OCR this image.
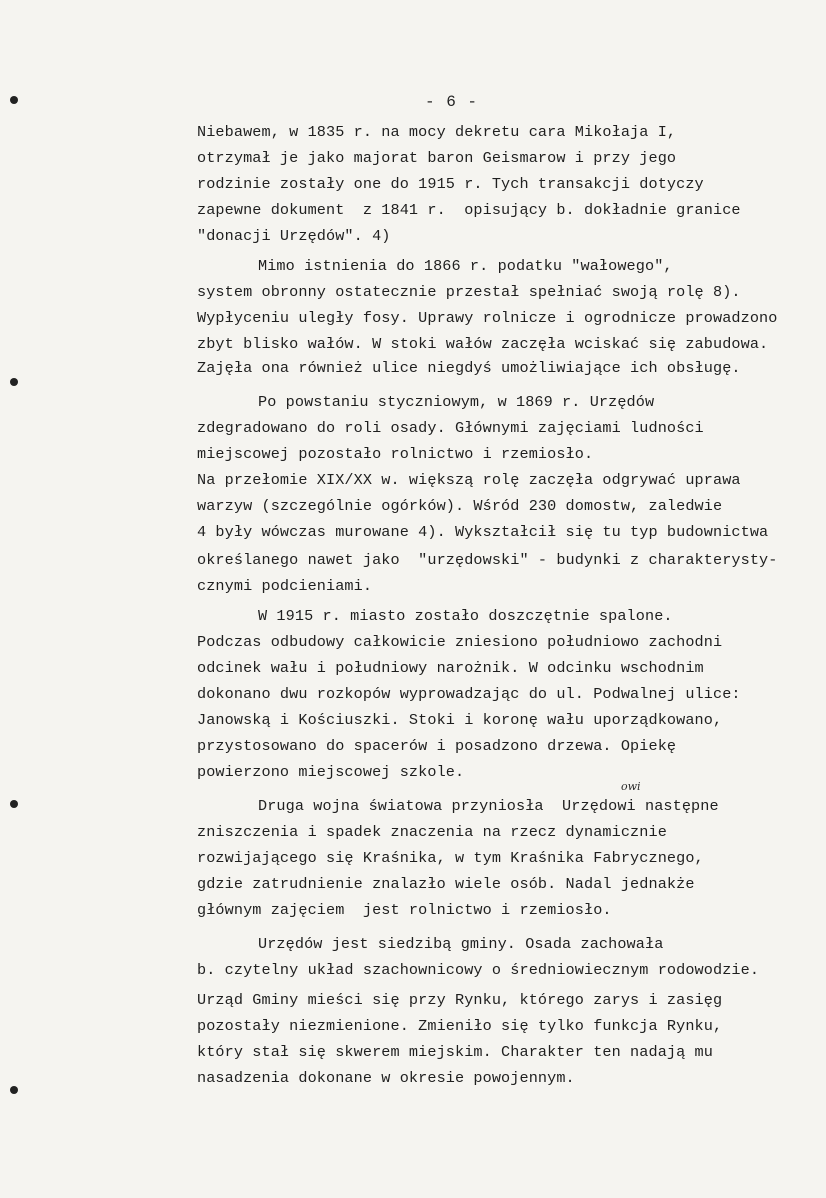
- 6 -
Niebawem, w 1835 r. na mocy dekretu cara Mikołaja I,
otrzymał je jako majorat baron Geismarow i przy jego
rodzinie zostały one do 1915 r. Tych transakcji dotyczy
zapewne dokument  z 1841 r.  opisujący b. dokładnie granice
"donacji Urzędów". 4)
Mimo istnienia do 1866 r. podatku "wałowego",
system obronny ostatecznie przestał spełniać swoją rolę 8).
Wypłyceniu uległy fosy. Uprawy rolnicze i ogrodnicze prowadzono
zbyt blisko wałów. W stoki wałów zaczęła wciskać się zabudowa.
Zajęła ona również ulice niegdyś umożliwiające ich obsługę.
Po powstaniu styczniowym, w 1869 r. Urzędów
zdegradowano do roli osady. Głównymi zajęciami ludności
miejscowej pozostało rolnictwo i rzemiosło.
Na przełomie XIX/XX w. większą rolę zaczęła odgrywać uprawa
warzyw (szczególnie ogórków). Wśród 230 domostw, zaledwie
4 były wówczas murowane 4). Wykształcił się tu typ budownictwa
określanego nawet jako  "urzędowski" - budynki z charakterysty-
cznymi podcieniami.
W 1915 r. miasto zostało doszczętnie spalone.
Podczas odbudowy całkowicie zniesiono południowo zachodni
odcinek wału i południowy narożnik. W odcinku wschodnim
dokonano dwu rozkopów wyprowadzając do ul. Podwalnej ulice:
Janowską i Kościuszki. Stoki i koronę wału uporządkowano,
przystosowano do spacerów i posadzono drzewa. Opiekę
powierzono miejscowej szkole.
owi
Druga wojna światowa przyniosła  Urzędowi następne
zniszczenia i spadek znaczenia na rzecz dynamicznie
rozwijającego się Kraśnika, w tym Kraśnika Fabrycznego,
gdzie zatrudnienie znalazło wiele osób. Nadal jednakże
głównym zajęciem  jest rolnictwo i rzemiosło.
Urzędów jest siedzibą gminy. Osada zachowała
b. czytelny układ szachownicowy o średniowiecznym rodowodzie.
Urząd Gminy mieści się przy Rynku, którego zarys i zasięg
pozostały niezmienione. Zmieniło się tylko funkcja Rynku,
który stał się skwerem miejskim. Charakter ten nadają mu
nasadzenia dokonane w okresie powojennym.
